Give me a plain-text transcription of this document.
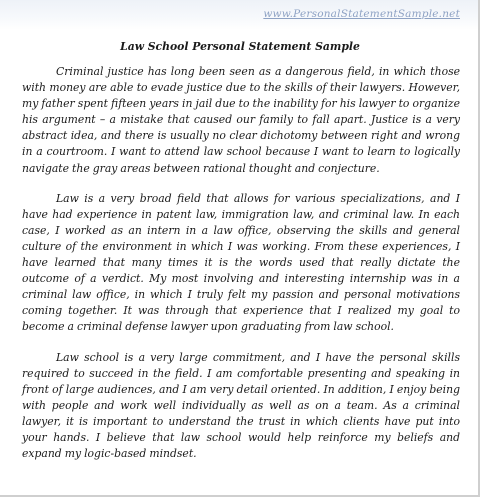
www.PersonalStatementSample.net
Law School Personal Statement Sample

Criminal justice has long been seen as a dangerous field, in which those with money are able to evade justice due to the skills of their lawyers. However, my father spent fifteen years in jail due to the inability for his lawyer to organize his argument – a mistake that caused our family to fall apart. Justice is a very abstract idea, and there is usually no clear dichotomy between right and wrong in a courtroom. I want to attend law school because I want to learn to logically navigate the gray areas between rational thought and conjecture.

Law is a very broad field that allows for various specializations, and I have had experience in patent law, immigration law, and criminal law. In each case, I worked as an intern in a law office, observing the skills and general culture of the environment in which I was working. From these experiences, I have learned that many times it is the words used that really dictate the outcome of a verdict. My most involving and interesting internship was in a criminal law office, in which I truly felt my passion and personal motivations coming together. It was through that experience that I realized my goal to become a criminal defense lawyer upon graduating from law school.

Law school is a very large commitment, and I have the personal skills required to succeed in the field. I am comfortable presenting and speaking in front of large audiences, and I am very detail oriented. In addition, I enjoy being with people and work well individually as well as on a team. As a criminal lawyer, it is important to understand the trust in which clients have put into your hands. I believe that law school would help reinforce my beliefs and expand my logic-based mindset.
